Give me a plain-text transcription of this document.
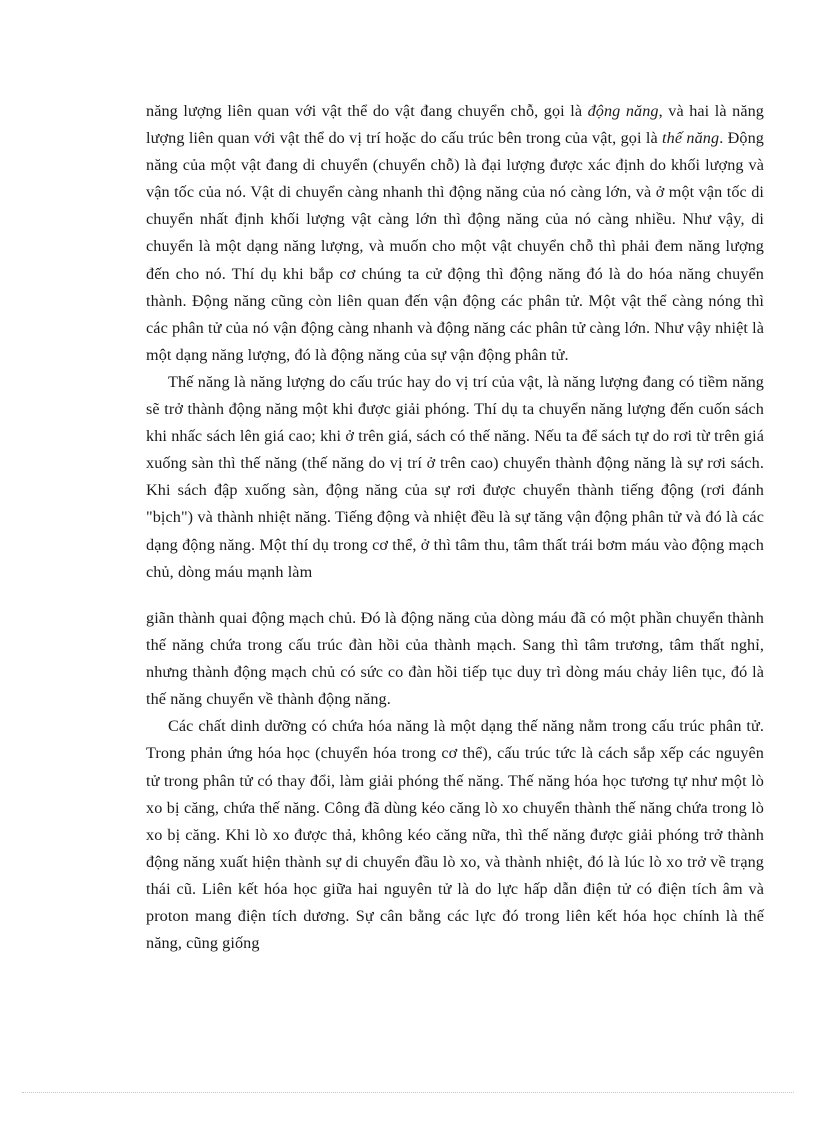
năng lượng liên quan với vật thể do vật đang chuyển chỗ, gọi là động năng, và hai là năng lượng liên quan với vật thể do vị trí hoặc do cấu trúc bên trong của vật, gọi là thế năng. Động năng của một vật đang di chuyển (chuyển chỗ) là đại lượng được xác định do khối lượng và vận tốc của nó. Vật di chuyển càng nhanh thì động năng của nó càng lớn, và ở một vận tốc di chuyển nhất định khối lượng vật càng lớn thì động năng của nó càng nhiều. Như vậy, di chuyển là một dạng năng lượng, và muốn cho một vật chuyển chỗ thì phải đem năng lượng đến cho nó. Thí dụ khi bắp cơ chúng ta cử động thì động năng đó là do hóa năng chuyển thành. Động năng cũng còn liên quan đến vận động các phân tử. Một vật thể càng nóng thì các phân tử của nó vận động càng nhanh và động năng các phân tử càng lớn. Như vậy nhiệt là một dạng năng lượng, đó là động năng của sự vận động phân tử.

Thế năng là năng lượng do cấu trúc hay do vị trí của vật, là năng lượng đang có tiềm năng sẽ trở thành động năng một khi được giải phóng. Thí dụ ta chuyển năng lượng đến cuốn sách khi nhấc sách lên giá cao; khi ở trên giá, sách có thế năng. Nếu ta để sách tự do rơi từ trên giá xuống sàn thì thế năng (thế năng do vị trí ở trên cao) chuyển thành động năng là sự rơi sách. Khi sách đập xuống sàn, động năng của sự rơi được chuyển thành tiếng động (rơi đánh "bịch") và thành nhiệt năng. Tiếng động và nhiệt đều là sự tăng vận động phân tử và đó là các dạng động năng. Một thí dụ trong cơ thể, ở thì tâm thu, tâm thất trái bơm máu vào động mạch chủ, dòng máu mạnh làm

giãn thành quai động mạch chủ. Đó là động năng của dòng máu đã có một phần chuyển thành thế năng chứa trong cấu trúc đàn hồi của thành mạch. Sang thì tâm trương, tâm thất nghỉ, nhưng thành động mạch chủ có sức co đàn hồi tiếp tục duy trì dòng máu chảy liên tục, đó là thế năng chuyển về thành động năng.

Các chất dinh dưỡng có chứa hóa năng là một dạng thế năng nằm trong cấu trúc phân tử. Trong phản ứng hóa học (chuyển hóa trong cơ thể), cấu trúc tức là cách sắp xếp các nguyên tử trong phân tử có thay đổi, làm giải phóng thế năng. Thế năng hóa học tương tự như một lò xo bị căng, chứa thế năng. Công đã dùng kéo căng lò xo chuyển thành thế năng chứa trong lò xo bị căng. Khi lò xo được thả, không kéo căng nữa, thì thế năng được giải phóng trở thành động năng xuất hiện thành sự di chuyển đầu lò xo, và thành nhiệt, đó là lúc lò xo trở về trạng thái cũ. Liên kết hóa học giữa hai nguyên tử là do lực hấp dẫn điện tử có điện tích âm và proton mang điện tích dương. Sự cân bằng các lực đó trong liên kết hóa học chính là thế năng, cũng giống
